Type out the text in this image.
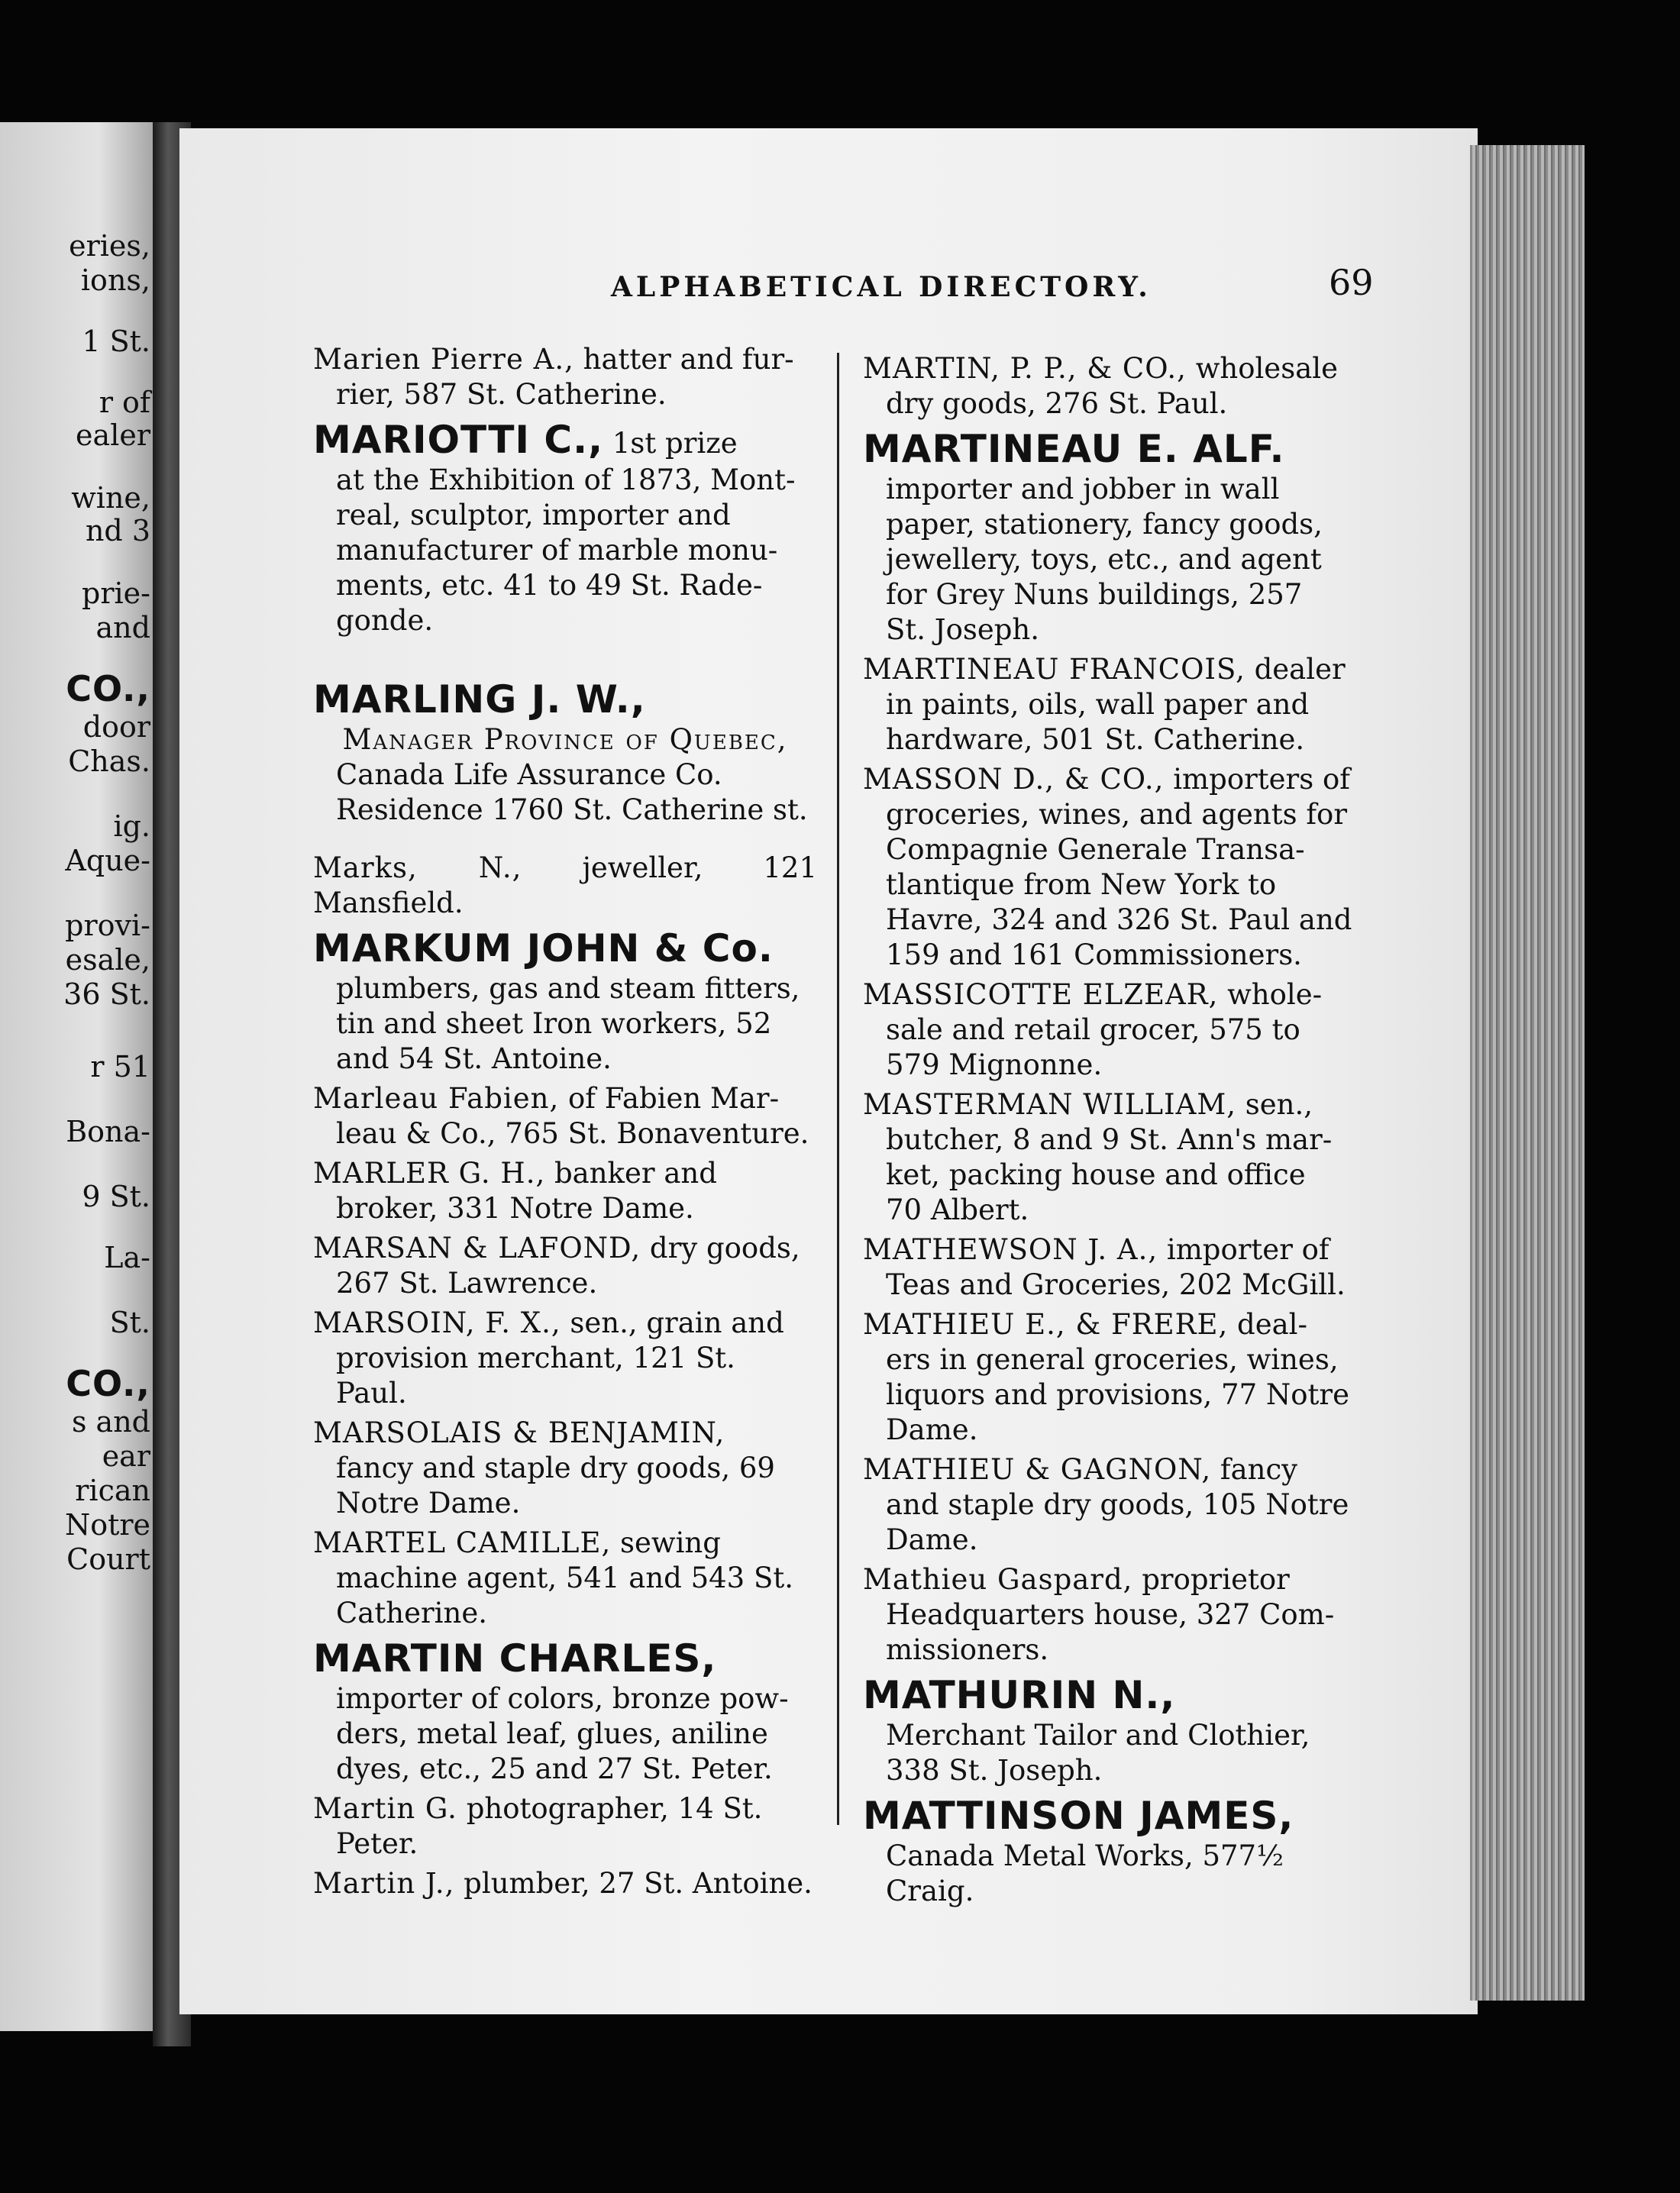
eries,
ions,
1 St.
r of
ealer
wine,
nd 3
prie-
and
CO.,
door
Chas.
ig.
Aque-
provi-
esale,
36 St.
r 51
Bona-
9 St.
La-
St.
CO.,
s and
ear
rican
Notre
Court
ALPHABETICAL DIRECTORY.	69
Marien Pierre A., hatter and fur-
rier, 587 St. Catherine.
MARIOTTI C., 1st prize
at the Exhibition of 1873, Mont-
real, sculptor, importer and
manufacturer of marble monu-
ments, etc. 41 to 49 St. Rade-
gonde.
MARLING J. W.,
Manager Province of Quebec,
Canada Life Assurance Co.
Residence 1760 St. Catherine st.
Marks, N., jeweller, 121 Mansfield.
MARKUM JOHN & Co.
plumbers, gas and steam fitters,
tin and sheet Iron workers, 52
and 54 St. Antoine.
Marleau Fabien, of Fabien Mar-
leau & Co., 765 St. Bonaventure.
MARLER G. H., banker and
broker, 331 Notre Dame.
MARSAN & LAFOND, dry goods,
267 St. Lawrence.
MARSOIN, F. X., sen., grain and
provision merchant, 121 St.
Paul.
MARSOLAIS & BENJAMIN,
fancy and staple dry goods, 69
Notre Dame.
MARTEL CAMILLE, sewing
machine agent, 541 and 543 St.
Catherine.
MARTIN CHARLES,
importer of colors, bronze pow-
ders, metal leaf, glues, aniline
dyes, etc., 25 and 27 St. Peter.
Martin G. photographer, 14 St.
Peter.
Martin J., plumber, 27 St. Antoine.
MARTIN, P. P., & CO., wholesale
dry goods, 276 St. Paul.
MARTINEAU E. ALF.
importer and jobber in wall
paper, stationery, fancy goods,
jewellery, toys, etc., and agent
for Grey Nuns buildings, 257
St. Joseph.
MARTINEAU FRANCOIS, dealer
in paints, oils, wall paper and
hardware, 501 St. Catherine.
MASSON D., & CO., importers of
groceries, wines, and agents for
Compagnie Generale Transa-
tlantique from New York to
Havre, 324 and 326 St. Paul and
159 and 161 Commissioners.
MASSICOTTE ELZEAR, whole-
sale and retail grocer, 575 to
579 Mignonne.
MASTERMAN WILLIAM, sen.,
butcher, 8 and 9 St. Ann's mar-
ket, packing house and office
70 Albert.
MATHEWSON J. A., importer of
Teas and Groceries, 202 McGill.
MATHIEU E., & FRERE, deal-
ers in general groceries, wines,
liquors and provisions, 77 Notre
Dame.
MATHIEU & GAGNON, fancy
and staple dry goods, 105 Notre
Dame.
Mathieu Gaspard, proprietor
Headquarters house, 327 Com-
missioners.
MATHURIN N.,
Merchant Tailor and Clothier,
338 St. Joseph.
MATTINSON JAMES,
Canada Metal Works, 577½
Craig.
